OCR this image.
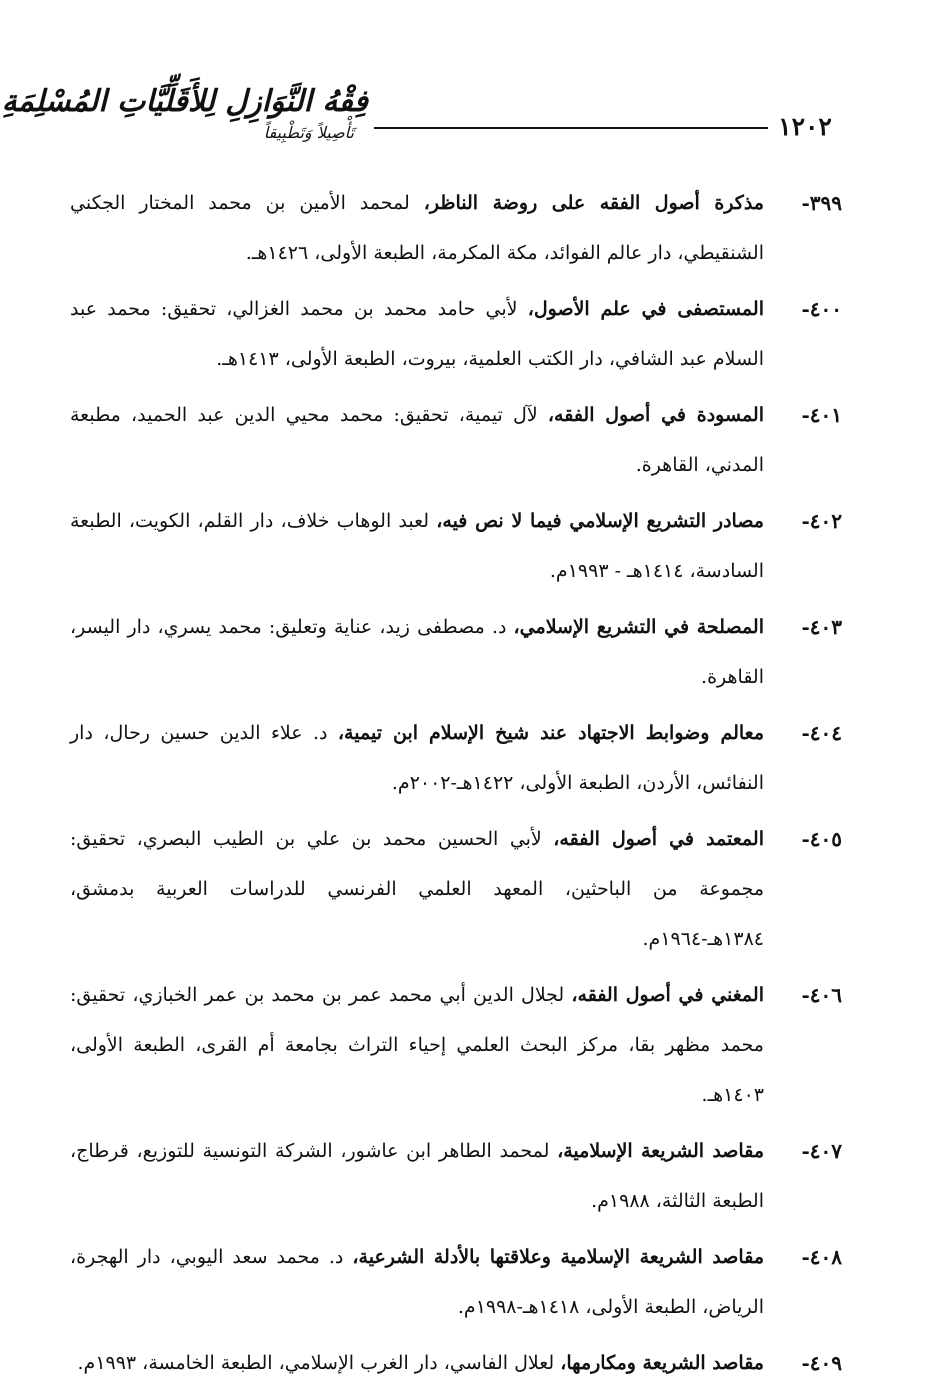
١٢٠٢
فِقْهُ النَّوَازِلِ لِلأَقَلِّيَّاتِ المُسْلِمَةِ
تَأْصِيلاً وَتَطْبِيقاً
٣٩٩-
مذكرة أصول الفقه على روضة الناظر، لمحمد الأمين بن محمد المختار الجكني الشنقيطي، دار عالم الفوائد، مكة المكرمة، الطبعة الأولى، ١٤٢٦هـ.
٤٠٠-
المستصفى في علم الأصول، لأبي حامد محمد بن محمد الغزالي، تحقيق: محمد عبد السلام عبد الشافي، دار الكتب العلمية، بيروت، الطبعة الأولى، ١٤١٣هـ.
٤٠١-
المسودة في أصول الفقه، لآل تيمية، تحقيق: محمد محيي الدين عبد الحميد، مطبعة المدني، القاهرة.
٤٠٢-
مصادر التشريع الإسلامي فيما لا نص فيه، لعبد الوهاب خلاف، دار القلم، الكويت، الطبعة السادسة، ١٤١٤هـ - ١٩٩٣م.
٤٠٣-
المصلحة في التشريع الإسلامي، د. مصطفى زيد، عناية وتعليق: محمد يسري، دار اليسر، القاهرة.
٤٠٤-
معالم وضوابط الاجتهاد عند شيخ الإسلام ابن تيمية، د. علاء الدين حسين رحال، دار النفائس، الأردن، الطبعة الأولى، ١٤٢٢هـ-٢٠٠٢م.
٤٠٥-
المعتمد في أصول الفقه، لأبي الحسين محمد بن علي بن الطيب البصري، تحقيق: مجموعة من الباحثين، المعهد العلمي الفرنسي للدراسات العربية بدمشق، ١٣٨٤هـ-١٩٦٤م.
٤٠٦-
المغني في أصول الفقه، لجلال الدين أبي محمد عمر بن محمد بن عمر الخبازي، تحقيق: محمد مظهر بقا، مركز البحث العلمي إحياء التراث بجامعة أم القرى، الطبعة الأولى، ١٤٠٣هـ.
٤٠٧-
مقاصد الشريعة الإسلامية، لمحمد الطاهر ابن عاشور، الشركة التونسية للتوزيع، قرطاج، الطبعة الثالثة، ١٩٨٨م.
٤٠٨-
مقاصد الشريعة الإسلامية وعلاقتها بالأدلة الشرعية، د. محمد سعد اليوبي، دار الهجرة، الرياض، الطبعة الأولى، ١٤١٨هـ-١٩٩٨م.
٤٠٩-
مقاصد الشريعة ومكارمها، لعلال الفاسي، دار الغرب الإسلامي، الطبعة الخامسة، ١٩٩٣م.
